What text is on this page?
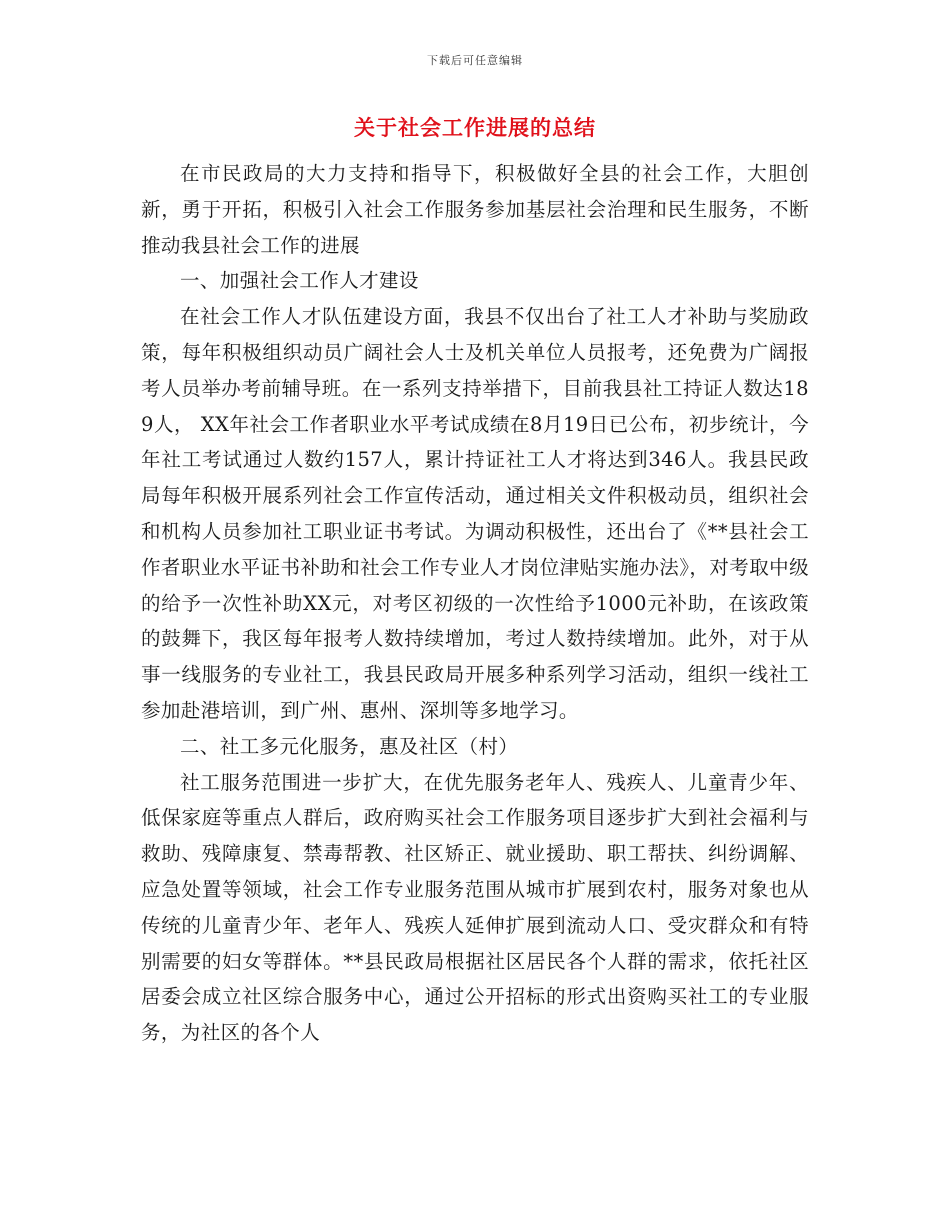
下载后可任意编辑
关于社会工作进展的总结

在市民政局的大力支持和指导下，积极做好全县的社会工作，大胆创新，勇于开拓，积极引入社会工作服务参加基层社会治理和民生服务，不断推动我县社会工作的进展

一、加强社会工作人才建设

在社会工作人才队伍建设方面，我县不仅出台了社工人才补助与奖励政策，每年积极组织动员广阔社会人士及机关单位人员报考，还免费为广阔报考人员举办考前辅导班。在一系列支持举措下，目前我县社工持证人数达189人， XX年社会工作者职业水平考试成绩在8月19日已公布，初步统计，今年社工考试通过人数约157人，累计持证社工人才将达到346人。我县民政局每年积极开展系列社会工作宣传活动，通过相关文件积极动员，组织社会和机构人员参加社工职业证书考试。为调动积极性，还出台了《**县社会工作者职业水平证书补助和社会工作专业人才岗位津贴实施办法》，对考取中级的给予一次性补助XX元，对考区初级的一次性给予1000元补助，在该政策的鼓舞下，我区每年报考人数持续增加，考过人数持续增加。此外，对于从事一线服务的专业社工，我县民政局开展多种系列学习活动，组织一线社工参加赴港培训，到广州、惠州、深圳等多地学习。

二、社工多元化服务，惠及社区（村）

社工服务范围进一步扩大，在优先服务老年人、残疾人、儿童青少年、低保家庭等重点人群后，政府购买社会工作服务项目逐步扩大到社会福利与救助、残障康复、禁毒帮教、社区矫正、就业援助、职工帮扶、纠纷调解、应急处置等领域，社会工作专业服务范围从城市扩展到农村，服务对象也从传统的儿童青少年、老年人、残疾人延伸扩展到流动人口、受灾群众和有特别需要的妇女等群体。**县民政局根据社区居民各个人群的需求，依托社区居委会成立社区综合服务中心，通过公开招标的形式出资购买社工的专业服务，为社区的各个人
